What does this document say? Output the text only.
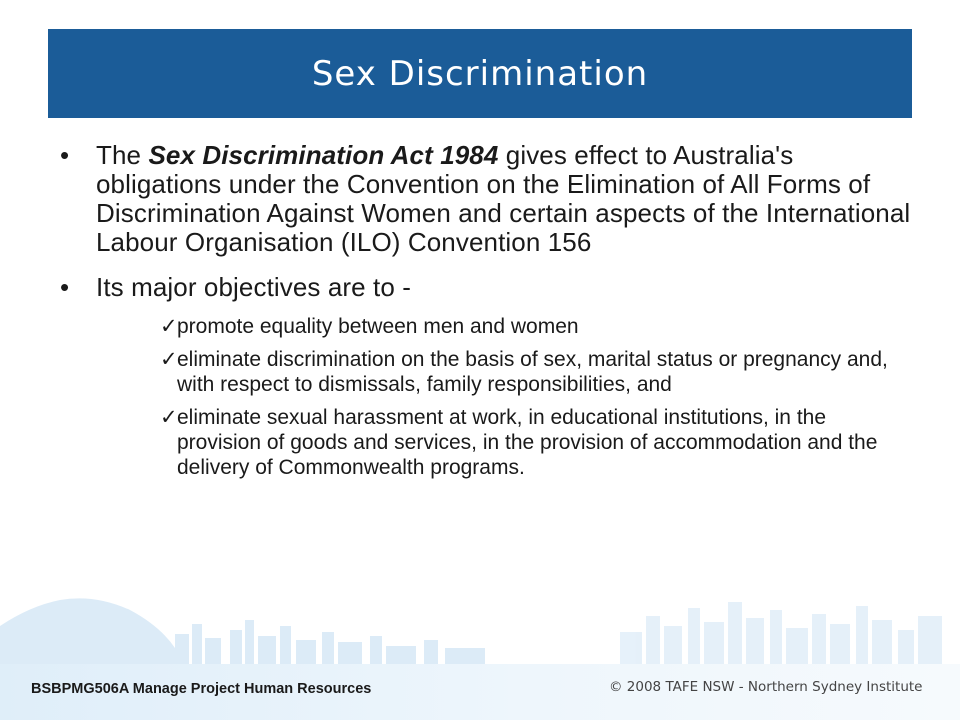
Sex Discrimination
• The Sex Discrimination Act 1984 gives effect to Australia's obligations under the Convention on the Elimination of All Forms of Discrimination Against Women and certain aspects of the International Labour Organisation (ILO) Convention 156
• Its major objectives are to -
✓ promote equality between men and women
✓ eliminate discrimination on the basis of sex, marital status or pregnancy and, with respect to dismissals, family responsibilities, and
✓ eliminate sexual harassment at work, in educational institutions, in the provision of goods and services, in the provision of accommodation and the delivery of Commonwealth programs.
BSBPMG506A Manage Project Human Resources	© 2008 TAFE NSW - Northern Sydney Institute
